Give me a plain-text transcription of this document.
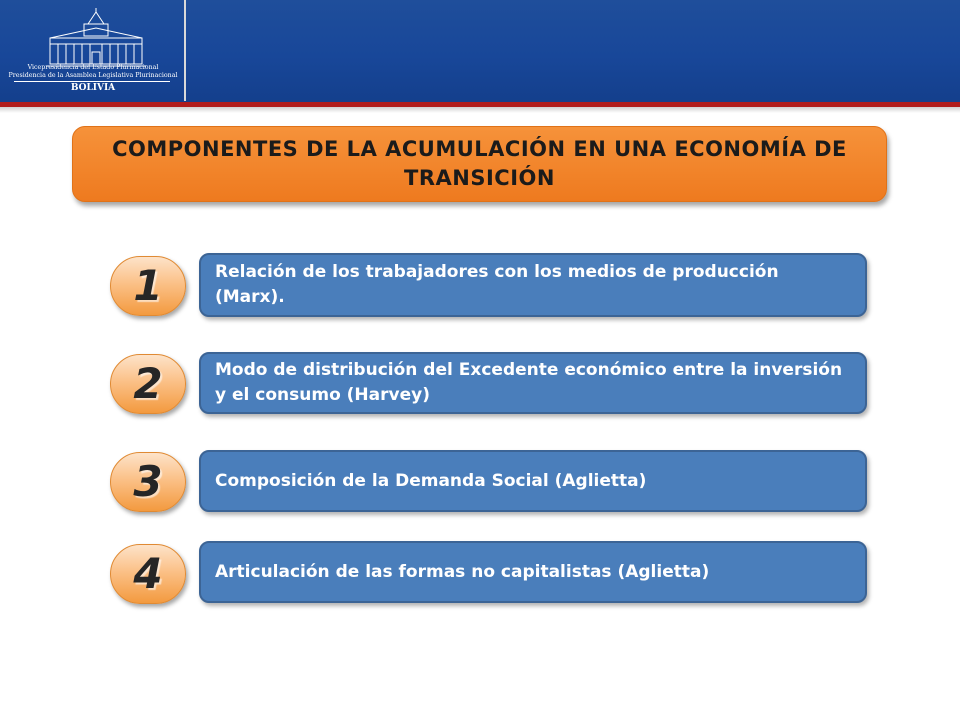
Vicepresidencia del Estado Plurinacional
Presidencia de la Asamblea Legislativa Plurinacional
BOLIVIA
COMPONENTES DE LA ACUMULACIÓN EN UNA ECONOMÍA DE TRANSICIÓN
1	Relación de los trabajadores con los medios de producción (Marx).
2	Modo de distribución del Excedente económico entre la inversión y el consumo (Harvey)
3	Composición de la Demanda Social (Aglietta)
4	Articulación de las formas no capitalistas (Aglietta)
